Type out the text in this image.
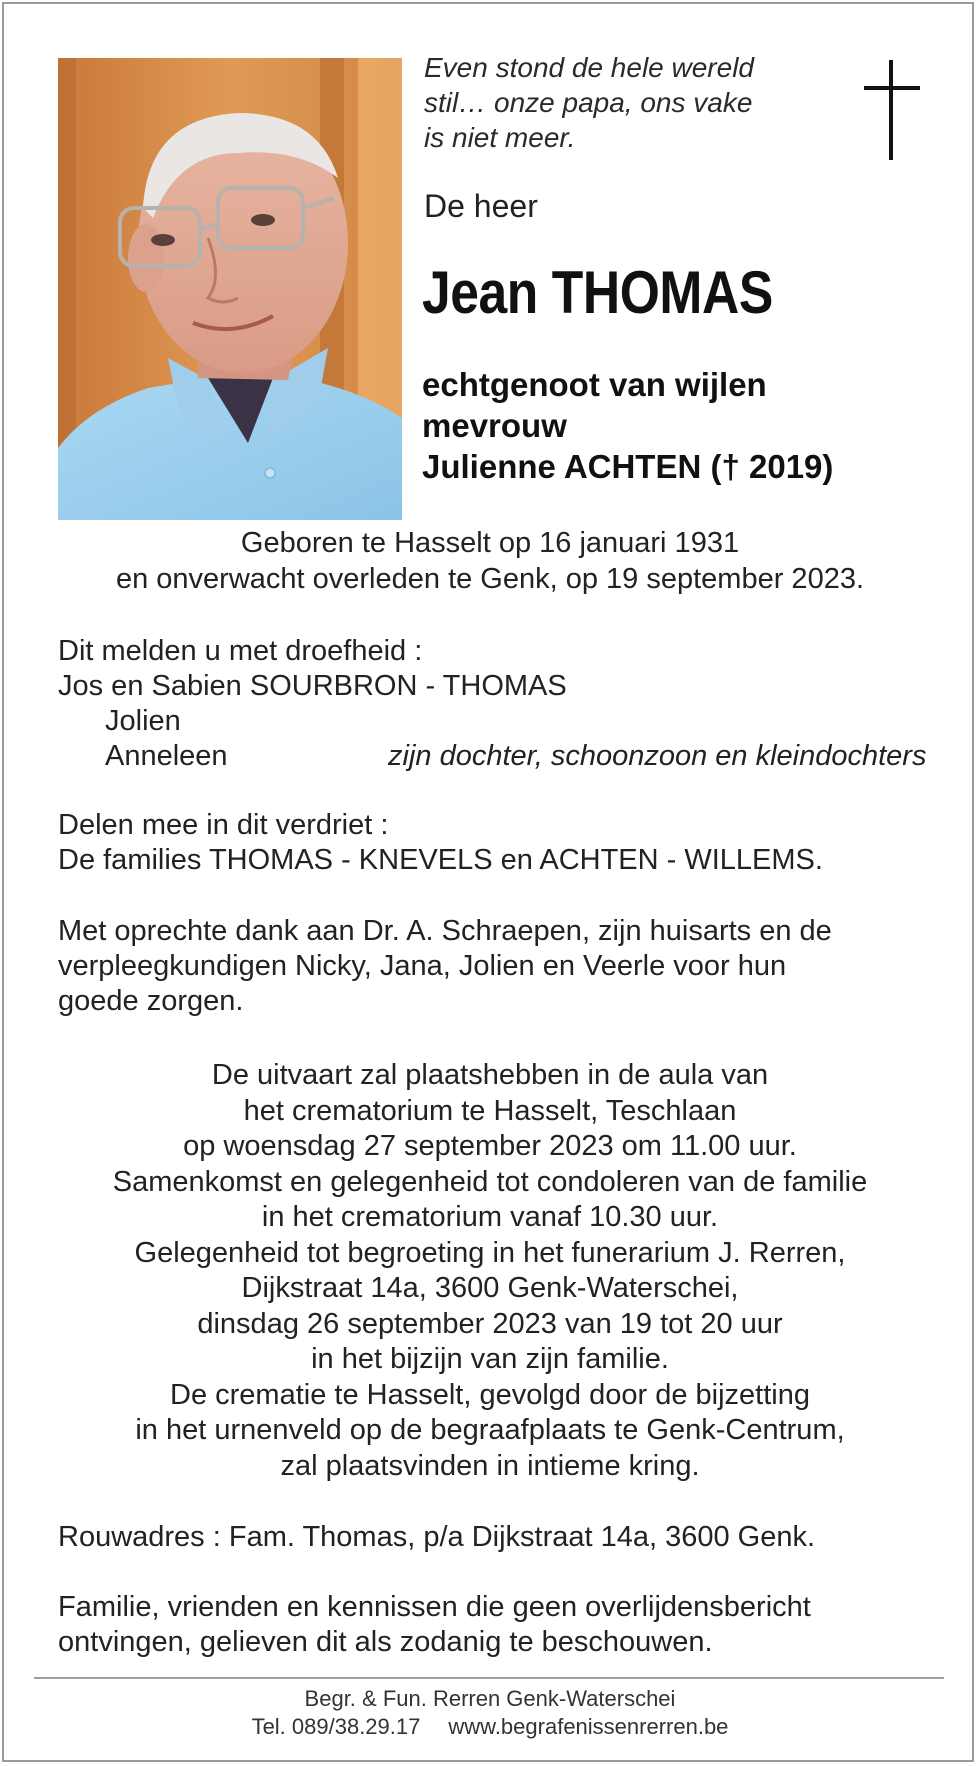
Even stond de hele wereld
stil… onze papa, ons vake
is niet meer.
De heer
Jean THOMAS
echtgenoot van wijlen
mevrouw
Julienne ACHTEN († 2019)
Geboren te Hasselt op 16 januari 1931
en onverwacht overleden te Genk, op 19 september 2023.
Dit melden u met droefheid :
Jos en Sabien SOURBRON - THOMAS
Jolien
Anneleen	zijn dochter, schoonzoon en kleindochters
Delen mee in dit verdriet :
De families THOMAS - KNEVELS en ACHTEN - WILLEMS.
Met oprechte dank aan Dr. A. Schraepen, zijn huisarts en de
verpleegkundigen Nicky, Jana, Jolien en Veerle voor hun
goede zorgen.
De uitvaart zal plaatshebben in de aula van
het crematorium te Hasselt, Teschlaan
op woensdag 27 september 2023 om 11.00 uur.
Samenkomst en gelegenheid tot condoleren van de familie
in het crematorium vanaf 10.30 uur.
Gelegenheid tot begroeting in het funerarium J. Rerren,
Dijkstraat 14a, 3600 Genk-Waterschei,
dinsdag 26 september 2023 van 19 tot 20 uur
in het bijzijn van zijn familie.
De crematie te Hasselt, gevolgd door de bijzetting
in het urnenveld op de begraafplaats te Genk-Centrum,
zal plaatsvinden in intieme kring.
Rouwadres : Fam. Thomas, p/a Dijkstraat 14a, 3600 Genk.
Familie, vrienden en kennissen die geen overlijdensbericht
ontvingen, gelieven dit als zodanig te beschouwen.
Begr. & Fun. Rerren Genk-Waterschei
Tel. 089/38.29.17 www.begrafenissenrerren.be
